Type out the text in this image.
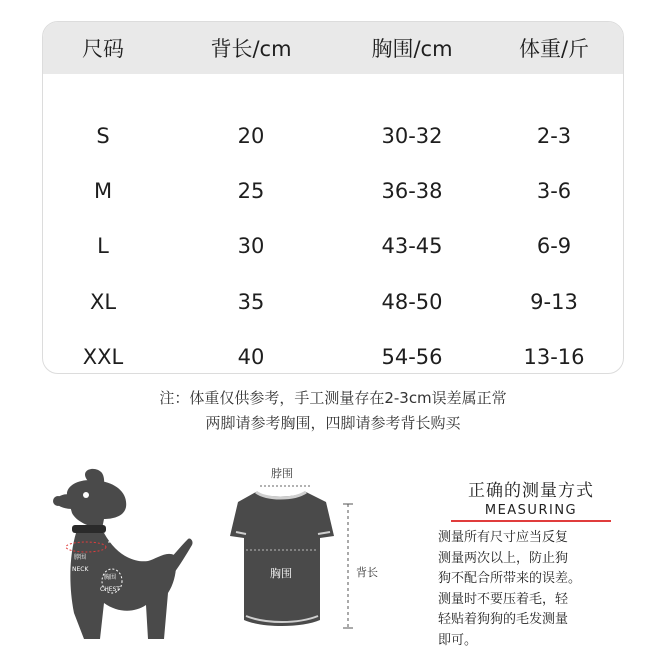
尺码	背长/cm	胸围/cm	体重/斤
S	20	30-32	2-3
M	25	36-38	3-6
L	30	43-45	6-9
XL	35	48-50	9-13
XXL	40	54-56	13-16
注：体重仅供参考，手工测量存在2-3cm误差属正常
两脚请参考胸围，四脚请参考背长购买
LENGTH背长
脖围
NECK
胸围
CHEST
脖围
胸围	背长
正确的测量方式
MEASURING
测量所有尺寸应当反复
测量两次以上，防止狗
狗不配合所带来的误差。
测量时不要压着毛，轻
轻贴着狗狗的毛发测量
即可。
